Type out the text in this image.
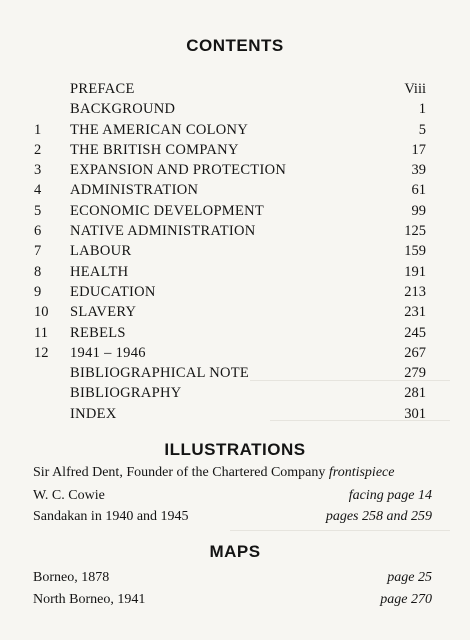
CONTENTS
PREFACE	Viii
BACKGROUND	1
1 THE AMERICAN COLONY	5
2 THE BRITISH COMPANY	17
3 EXPANSION AND PROTECTION	39
4 ADMINISTRATION	61
5 ECONOMIC DEVELOPMENT	99
6 NATIVE ADMINISTRATION	125
7 LABOUR	159
8 HEALTH	191
9 EDUCATION	213
10 SLAVERY	231
11 REBELS	245
12 1941 – 1946	267
BIBLIOGRAPHICAL NOTE	279
BIBLIOGRAPHY	281
INDEX	301
ILLUSTRATIONS
Sir Alfred Dent, Founder of the Chartered Company frontispiece
W. C. Cowie	facing page 14
Sandakan in 1940 and 1945	pages 258 and 259
MAPS
Borneo, 1878	page 25
North Borneo, 1941	page 270
